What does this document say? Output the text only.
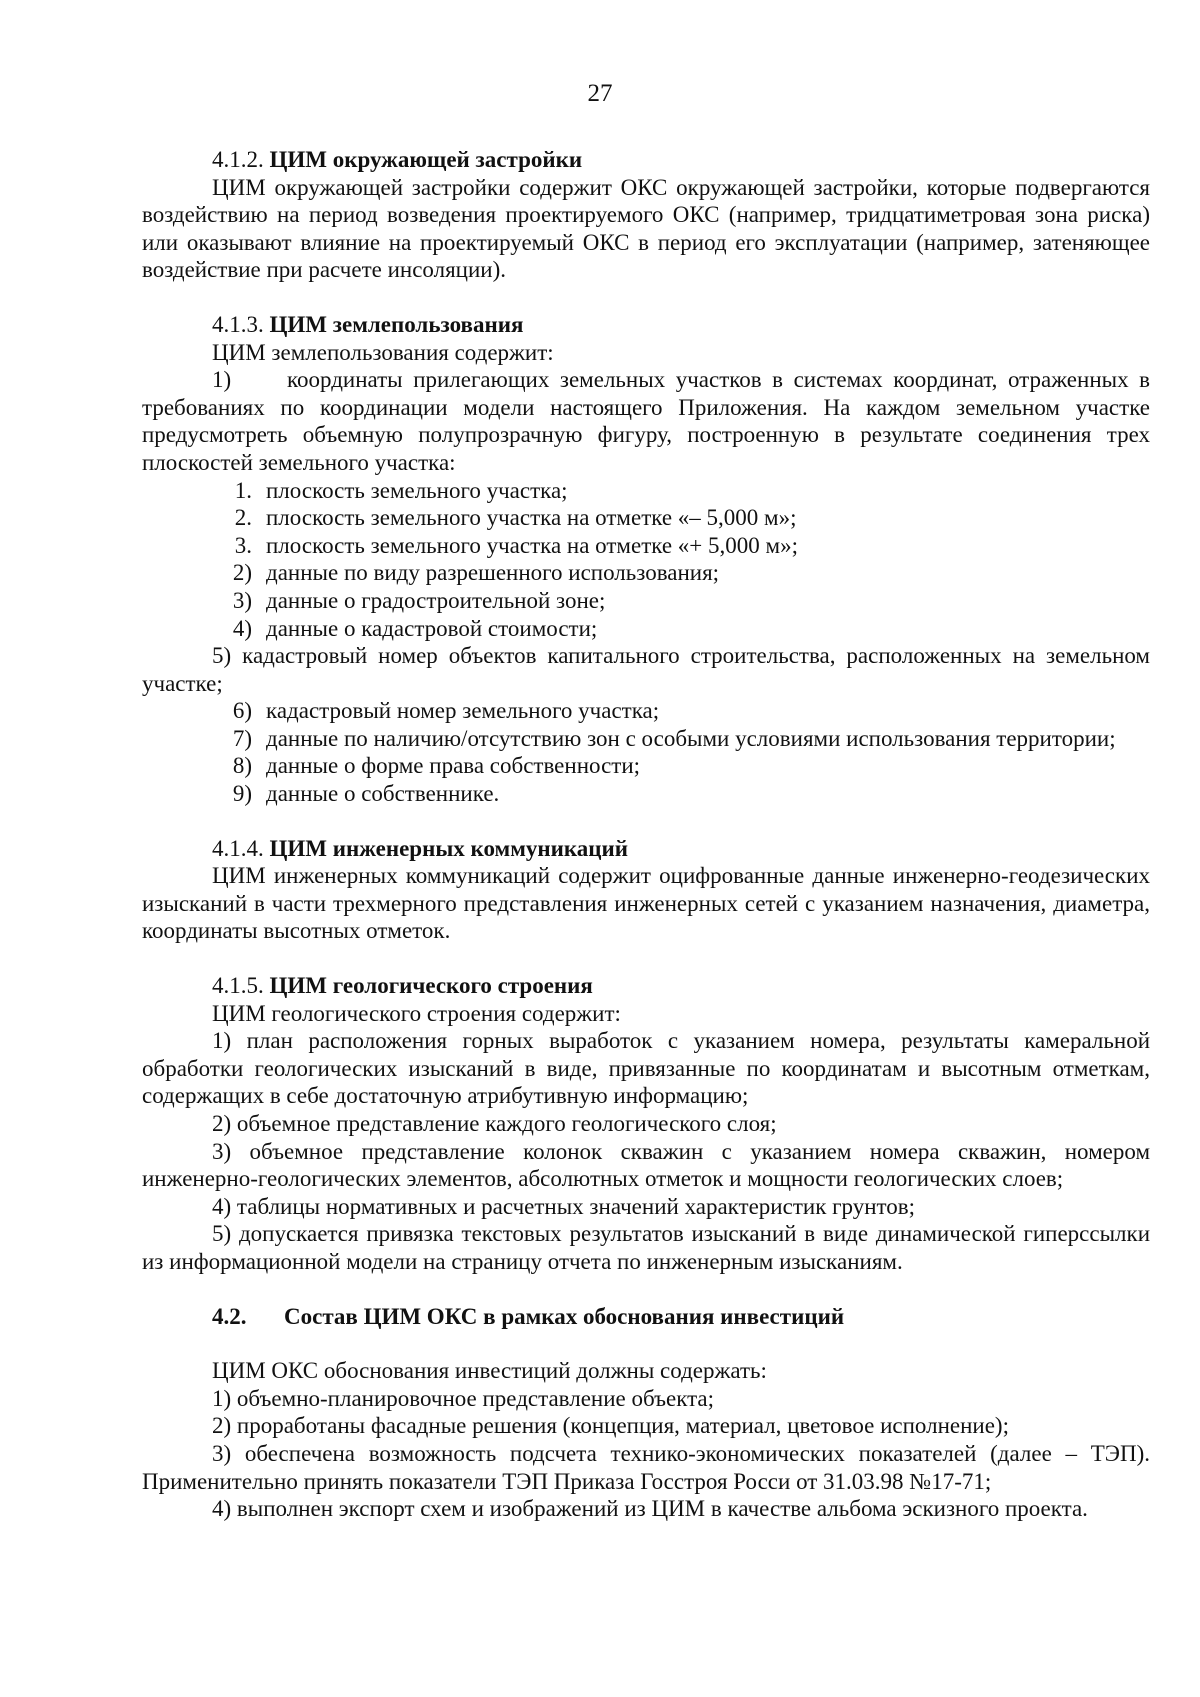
27

4.1.2. ЦИМ окружающей застройки

ЦИМ окружающей застройки содержит ОКС окружающей застройки, которые подвергаются воздействию на период возведения проектируемого ОКС (например, тридцатиметровая зона риска) или оказывают влияние на проектируемый ОКС в период его эксплуатации (например, затеняющее воздействие при расчете инсоляции).

4.1.3. ЦИМ землепользования

ЦИМ землепользования содержит:

1) координаты прилегающих земельных участков в системах координат, отраженных в требованиях по координации модели настоящего Приложения. На каждом земельном участке предусмотреть объемную полупрозрачную фигуру, построенную в результате соединения трех плоскостей земельного участка:

1. плоскость земельного участка;

2. плоскость земельного участка на отметке «– 5,000 м»;

3. плоскость земельного участка на отметке «+ 5,000 м»;

2) данные по виду разрешенного использования;

3) данные о градостроительной зоне;

4) данные о кадастровой стоимости;

5) кадастровый номер объектов капитального строительства, расположенных на земельном участке;

6) кадастровый номер земельного участка;

7) данные по наличию/отсутствию зон с особыми условиями использования территории;

8) данные о форме права собственности;

9) данные о собственнике.

4.1.4. ЦИМ инженерных коммуникаций

ЦИМ инженерных коммуникаций содержит оцифрованные данные инженерно-геодезических изысканий в части трехмерного представления инженерных сетей с указанием назначения, диаметра, координаты высотных отметок.

4.1.5. ЦИМ геологического строения

ЦИМ геологического строения содержит:

1) план расположения горных выработок с указанием номера, результаты камеральной обработки геологических изысканий в виде, привязанные по координатам и высотным отметкам, содержащих в себе достаточную атрибутивную информацию;

2) объемное представление каждого геологического слоя;

3) объемное представление колонок скважин с указанием номера скважин, номером инженерно-геологических элементов, абсолютных отметок и мощности геологических слоев;

4) таблицы нормативных и расчетных значений характеристик грунтов;

5) допускается привязка текстовых результатов изысканий в виде динамической гиперссылки из информационной модели на страницу отчета по инженерным изысканиям.

4.2.	Состав ЦИМ ОКС в рамках обоснования инвестиций

ЦИМ ОКС обоснования инвестиций должны содержать:

1) объемно-планировочное представление объекта;

2) проработаны фасадные решения (концепция, материал, цветовое исполнение);

3) обеспечена возможность подсчета технико-экономических показателей (далее – ТЭП). Применительно принять показатели ТЭП Приказа Госстроя Росси от 31.03.98 №17-71;

4) выполнен экспорт схем и изображений из ЦИМ в качестве альбома эскизного проекта.
